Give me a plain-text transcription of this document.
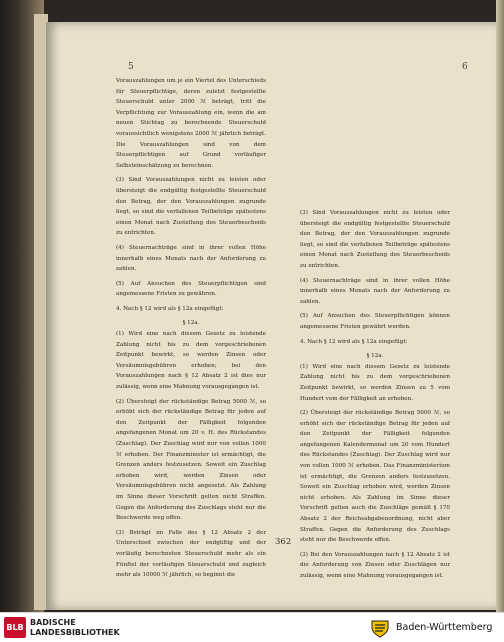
5	6

Vorauszahlungen um je ein Viertel des Unterschieds für Steuerpflichtige, deren zuletzt festgestellte Steuerschuld unter 2000 ℳ beträgt, tritt die Verpflichtung zur Vorauszahlung ein, wenn die am neuen Stichtag zu berechnende Steuerschuld voraussichtlich wenigstens 2000 ℳ jährlich beträgt. Die Vorauszahlungen sind von dem Steuerpflichtigen auf Grund vorläufiger Selbsteinschätzung zu berechnen.

(3) Sind Vorauszahlungen nicht zu leisten oder übersteigt die endgültig festgestellte Steuerschuld den Betrag, der den Vorauszahlungen zugrunde liegt, so sind die verfallenen Teilbeträge spätestens einen Monat nach Zustellung des Steuerbescheids zu entrichten.

(4) Steuernachträge sind in ihrer vollen Höhe innerhalb eines Monats nach der Anforderung zu zahlen.

(5) Auf Ansuchen des Steuerpflichtigen sind angemessene Fristen zu gewähren.

4. Nach § 12 wird als § 12a eingefügt:

§ 12a.

(1) Wird eine nach diesem Gesetz zu leistende Zahlung nicht bis zu dem vorgeschriebenen Zeitpunkt bewirkt, so werden Zinsen oder Versäumnisgebühren erhoben; bei den Vorauszahlungen nach § 12 Absatz 2 ist dies nur zulässig, wenn eine Mahnung vorausgegangen ist.

(2) Übersteigt der rückständige Betrag 5000 ℳ, so erhöht sich der rückständige Betrag für jeden auf den Zeitpunkt der Fälligkeit folgenden angefangenen Monat um 20 v. H. des Rückstandes (Zuschlag). Der Zuschlag wird nur von vollen 1000 ℳ erhoben. Der Finanzminister ist ermächtigt, die Grenzen anders festzusetzen. Soweit ein Zuschlag erhoben wird, werden Zinsen oder Versäumnisgebühren nicht angesetzt. Als Zahlung im Sinne dieser Vorschrift gelten nicht Straffen. Gegen die Anforderung des Zuschlags steht nur die Beschwerde weg offen.

(3) Beträgt im Falle des § 12 Absatz 2 der Unterschied zwischen der endgültig und der vorläufig berechneten Steuerschuld mehr als ein Fünftel der vorläufigen Steuerschuld und zugleich mehr als 10000 ℳ jährlich, so beginnt die

(3) Sind Vorauszahlungen nicht zu leisten oder übersteigt die endgültig festgestellte Steuerschuld den Betrag, der den Vorauszahlungen zugrunde liegt, so sind die verfallenen Teilbeträge spätestens einen Monat nach Zustellung des Steuerbescheids zu entrichten.

(4) Steuernachträge sind in ihrer vollen Höhe innerhalb eines Monats nach der Anforderung zu zahlen.

(5) Auf Ansuchen des Steuerpflichtigen können angemessene Fristen gewährt werden.

4. Nach § 12 wird als § 12a eingefügt:

§ 12a.

(1) Wird eine nach diesem Gesetz zu leistende Zahlung nicht bis zu dem vorgeschriebenen Zeitpunkt bewirkt, so werden Zinsen zu 5 vom Hundert vom der Fälligkeit an erhoben.

(2) Übersteigt der rückständige Betrag 5000 ℳ, so erhöht sich der rückständige Betrag für jeden auf den Zeitpunkt der Fälligkeit folgenden angefangenen Kalendermonat um 20 vom Hundert des Rückstandes (Zuschlag). Der Zuschlag wird nur von vollen 1000 ℳ erhoben. Das Finanzministerium ist ermächtigt, die Grenzen anders festzusetzen. Soweit ein Zuschlag erhoben wird, werden Zinsen nicht erhoben. Als Zahlung im Sinne dieser Vorschrift gelten auch die Zuschläge gemäß § 170 Absatz 2 der Reichsabgabenordnung, nicht aber Straffen. Gegen die Anforderung des Zuschlags steht nur die Beschwerde offen.

(3) Bei den Vorauszahlungen nach § 12 Absatz 2 ist die Anforderung von Zinsen oder Zuschlägen nur zulässig, wenn eine Mahnung vorausgegangen ist.

362
BLB
BADISCHE
LANDESBIBLIOTHEK	Baden-Württemberg
